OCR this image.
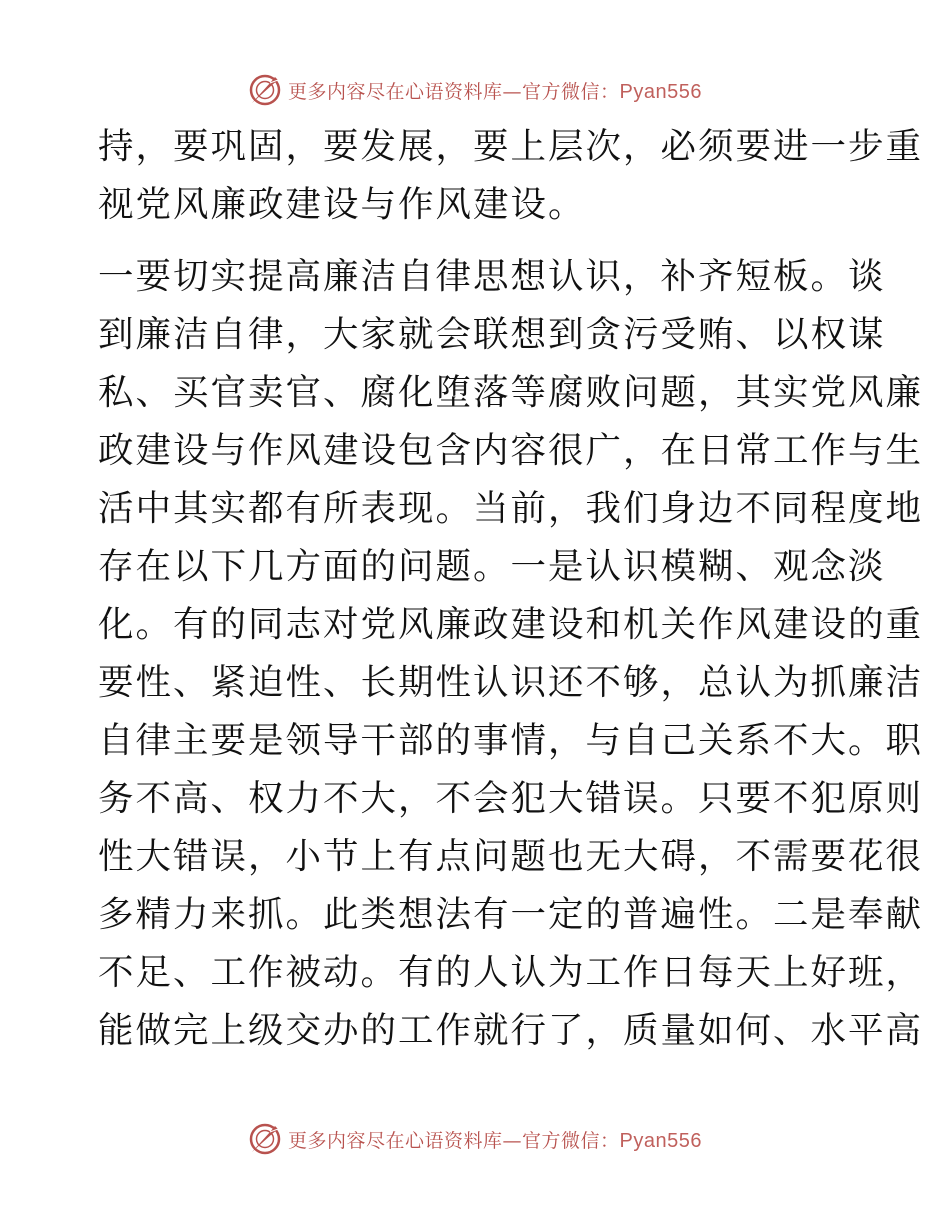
更多内容尽在心语资料库—官方微信：Pyan556
持，要巩固，要发展，要上层次，必须要进一步重
视党风廉政建设与作风建设。
一要切实提高廉洁自律思想认识，补齐短板。谈
到廉洁自律，大家就会联想到贪污受贿、以权谋
私、买官卖官、腐化堕落等腐败问题，其实党风廉
政建设与作风建设包含内容很广，在日常工作与生
活中其实都有所表现。当前，我们身边不同程度地
存在以下几方面的问题。一是认识模糊、观念淡
化。有的同志对党风廉政建设和机关作风建设的重
要性、紧迫性、长期性认识还不够，总认为抓廉洁
自律主要是领导干部的事情，与自己关系不大。职
务不高、权力不大，不会犯大错误。只要不犯原则
性大错误，小节上有点问题也无大碍，不需要花很
多精力来抓。此类想法有一定的普遍性。二是奉献
不足、工作被动。有的人认为工作日每天上好班，
能做完上级交办的工作就行了，质量如何、水平高
更多内容尽在心语资料库—官方微信：Pyan556
